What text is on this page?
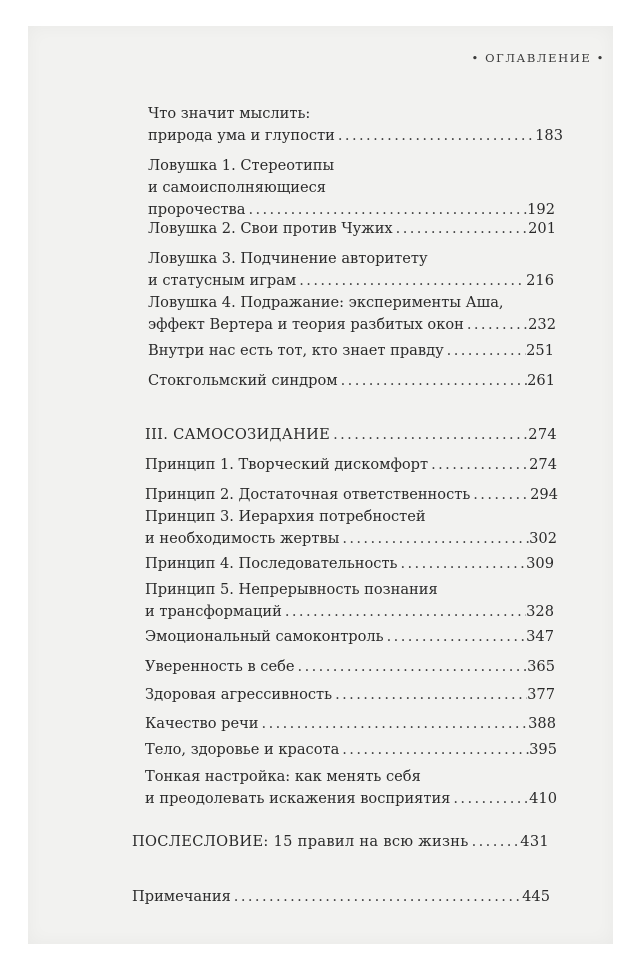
• ОГЛАВЛЕНИЕ •
Что значит мыслить:
природа ума и глупости .....	183
Ловушка 1. Стереотипы
и самоисполняющиеся
пророчества .....	192
Ловушка 2. Свои против Чужих .....	201
Ловушка 3. Подчинение авторитету
и статусным играм .....	216
Ловушка 4. Подражание: эксперименты Аша,
эффект Вертера и теория разбитых окон .....	232
Внутри нас есть тот, кто знает правду .....	251
Стокгольмский синдром .....	261
III. САМОСОЗИДАНИЕ .....	274
Принцип 1. Творческий дискомфорт .....	274
Принцип 2. Достаточная ответственность .....	294
Принцип 3. Иерархия потребностей
и необходимость жертвы .....	302
Принцип 4. Последовательность .....	309
Принцип 5. Непрерывность познания
и трансформаций .....	328
Эмоциональный самоконтроль .....	347
Уверенность в себе .....	365
Здоровая агрессивность .....	377
Качество речи .....	388
Тело, здоровье и красота .....	395
Тонкая настройка: как менять себя
и преодолевать искажения восприятия .....	410
ПОСЛЕСЛОВИЕ: 15 правил на всю жизнь .....	431
Примечания .....	445
